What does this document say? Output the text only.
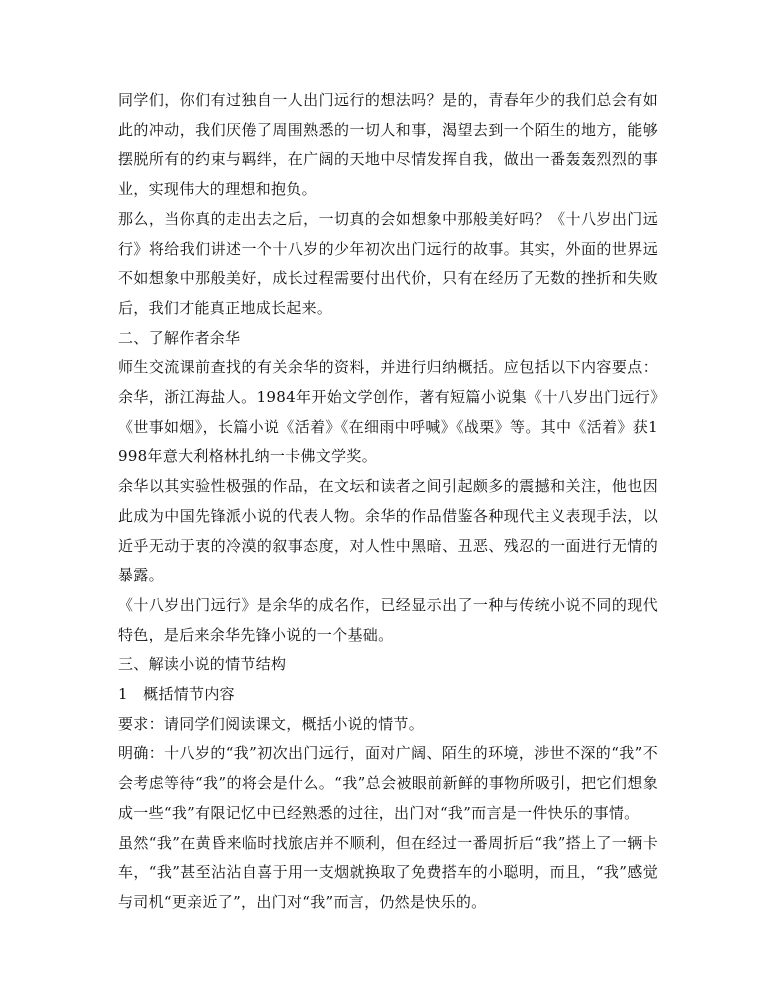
同学们，你们有过独自一人出门远行的想法吗？是的，青春年少的我们总会有如此的冲动，我们厌倦了周围熟悉的一切人和事，渴望去到一个陌生的地方，能够摆脱所有的约束与羁绊，在广阔的天地中尽情发挥自我，做出一番轰轰烈烈的事业，实现伟大的理想和抱负。

那么，当你真的走出去之后，一切真的会如想象中那般美好吗？《十八岁出门远行》将给我们讲述一个十八岁的少年初次出门远行的故事。其实，外面的世界远不如想象中那般美好，成长过程需要付出代价，只有在经历了无数的挫折和失败后，我们才能真正地成长起来。

二、了解作者余华

师生交流课前查找的有关余华的资料，并进行归纳概括。应包括以下内容要点：余华，浙江海盐人。1984年开始文学创作，著有短篇小说集《十八岁出门远行》《世事如烟》，长篇小说《活着》《在细雨中呼喊》《战栗》等。其中《活着》获1998年意大利格林扎纳一卡佛文学奖。

余华以其实验性极强的作品，在文坛和读者之间引起颇多的震撼和关注，他也因此成为中国先锋派小说的代表人物。余华的作品借鉴各种现代主义表现手法，以近乎无动于衷的冷漠的叙事态度，对人性中黑暗、丑恶、残忍的一面进行无情的暴露。

《十八岁出门远行》是余华的成名作，已经显示出了一种与传统小说不同的现代特色，是后来余华先锋小说的一个基础。

三、解读小说的情节结构

1　概括情节内容

要求：请同学们阅读课文，概括小说的情节。

明确：十八岁的“我”初次出门远行，面对广阔、陌生的环境，涉世不深的“我”不会考虑等待“我”的将会是什么。“我”总会被眼前新鲜的事物所吸引，把它们想象成一些“我”有限记忆中已经熟悉的过往，出门对“我”而言是一件快乐的事情。

虽然“我”在黄昏来临时找旅店并不顺利，但在经过一番周折后“我”搭上了一辆卡车，“我”甚至沾沾自喜于用一支烟就换取了免费搭车的小聪明，而且，“我”感觉与司机“更亲近了”，出门对“我”而言，仍然是快乐的。
